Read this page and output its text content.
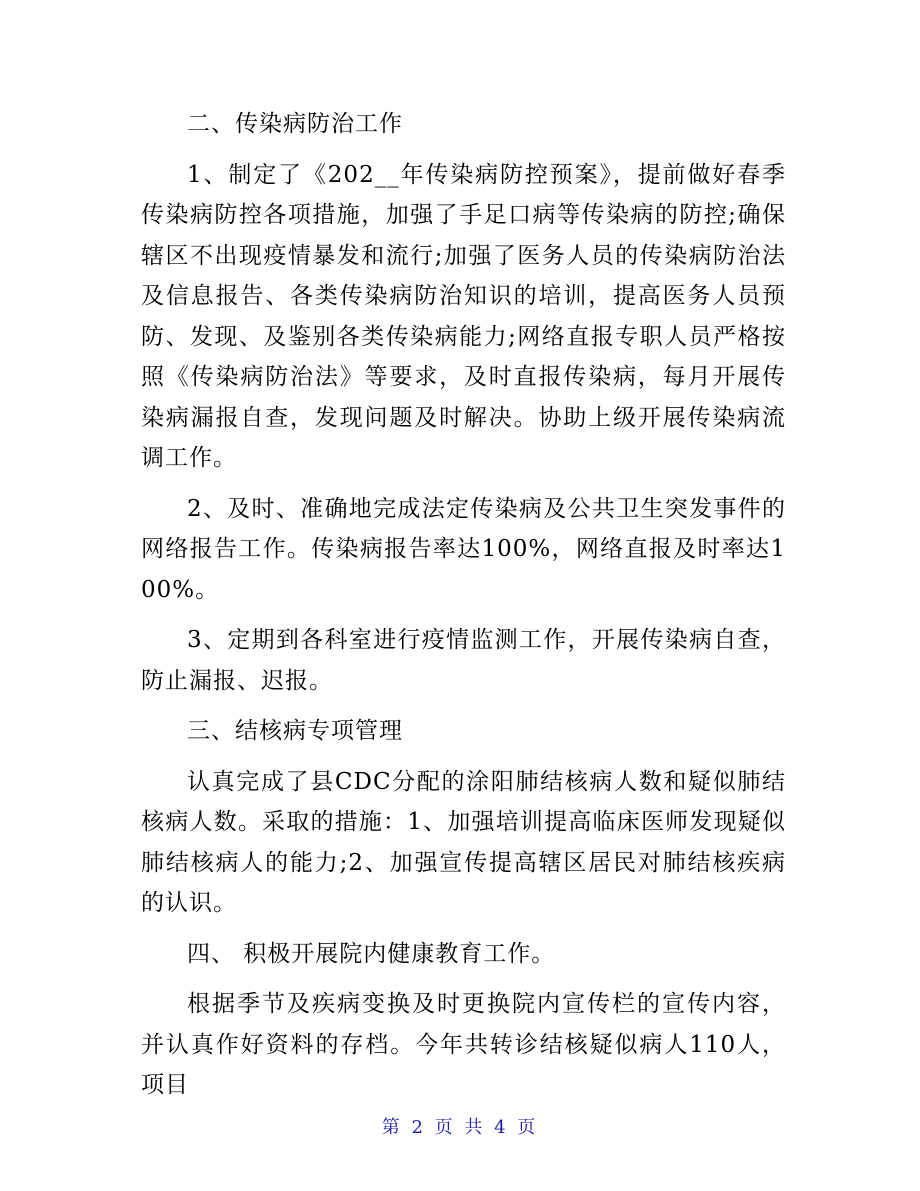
二、传染病防治工作

1、制定了《202__年传染病防控预案》，提前做好春季传染病防控各项措施，加强了手足口病等传染病的防控;确保辖区不出现疫情暴发和流行;加强了医务人员的传染病防治法及信息报告、各类传染病防治知识的培训，提高医务人员预防、发现、及鉴别各类传染病能力;网络直报专职人员严格按照《传染病防治法》等要求，及时直报传染病，每月开展传染病漏报自查，发现问题及时解决。协助上级开展传染病流调工作。

2、及时、准确地完成法定传染病及公共卫生突发事件的网络报告工作。传染病报告率达100%，网络直报及时率达100%。

3、定期到各科室进行疫情监测工作，开展传染病自查，防止漏报、迟报。

三、结核病专项管理

认真完成了县CDC分配的涂阳肺结核病人数和疑似肺结核病人数。采取的措施：1、加强培训提高临床医师发现疑似肺结核病人的能力;2、加强宣传提高辖区居民对肺结核疾病的认识。

四、 积极开展院内健康教育工作。

根据季节及疾病变换及时更换院内宣传栏的宣传内容，并认真作好资料的存档。今年共转诊结核疑似病人110人，项目

第 2 页 共 4 页
